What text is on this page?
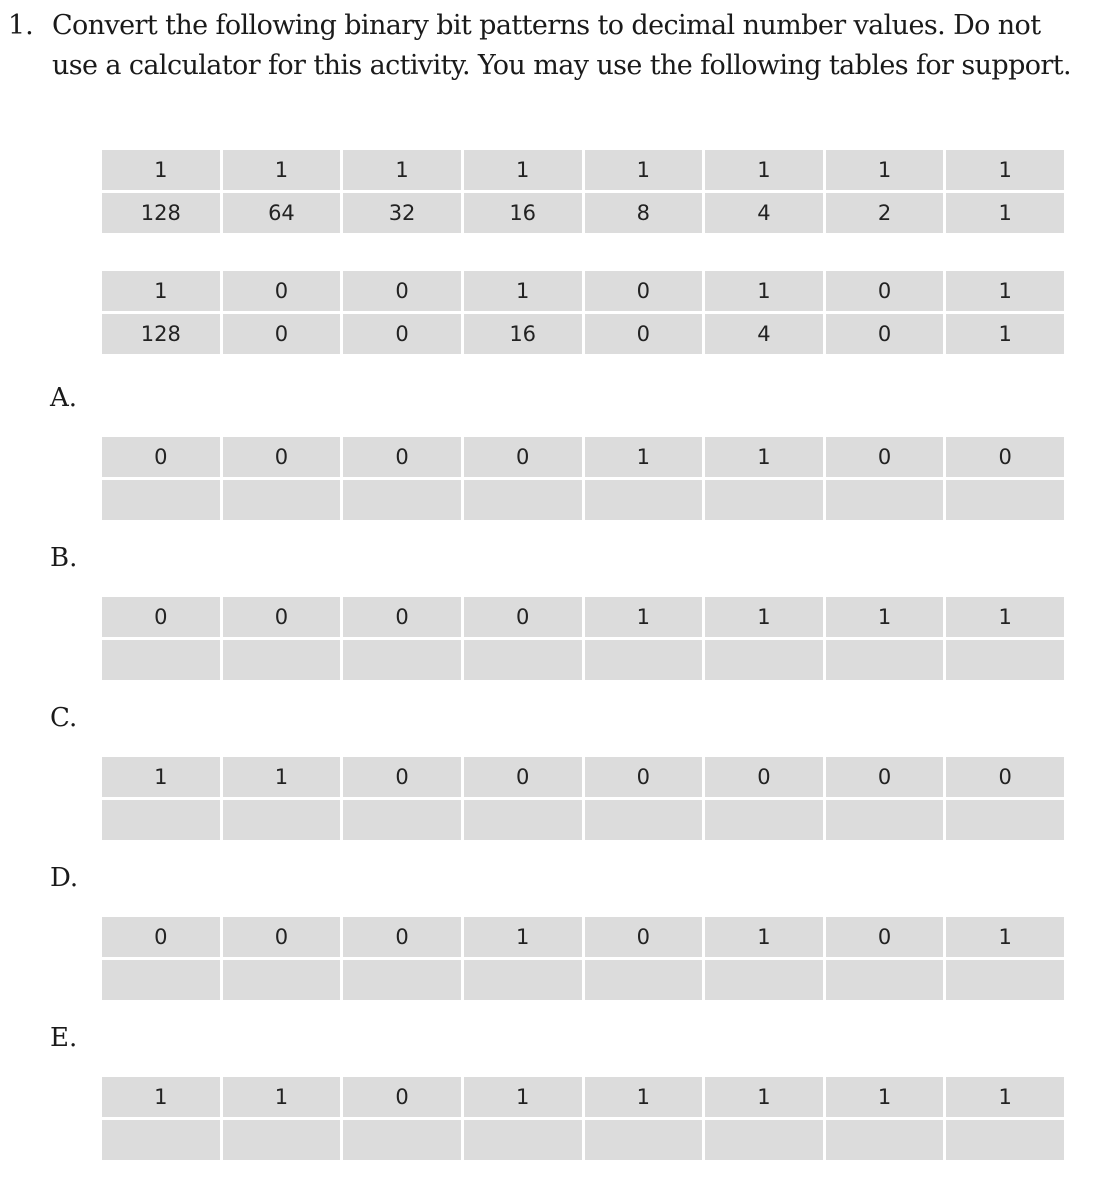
1. Convert the following binary bit patterns to decimal number values. Do not use a calculator for this activity. You may use the following tables for support.
1	1	1	1	1	1	1	1
128	64	32	16	8	4	2	1
1	0	0	1	0	1	0	1
128	0	0	16	0	4	0	1
A.
0	0	0	0	1	1	0	0

B.
0	0	0	0	1	1	1	1

C.
1	1	0	0	0	0	0	0

D.
0	0	0	1	0	1	0	1

E.
1	1	0	1	1	1	1	1
